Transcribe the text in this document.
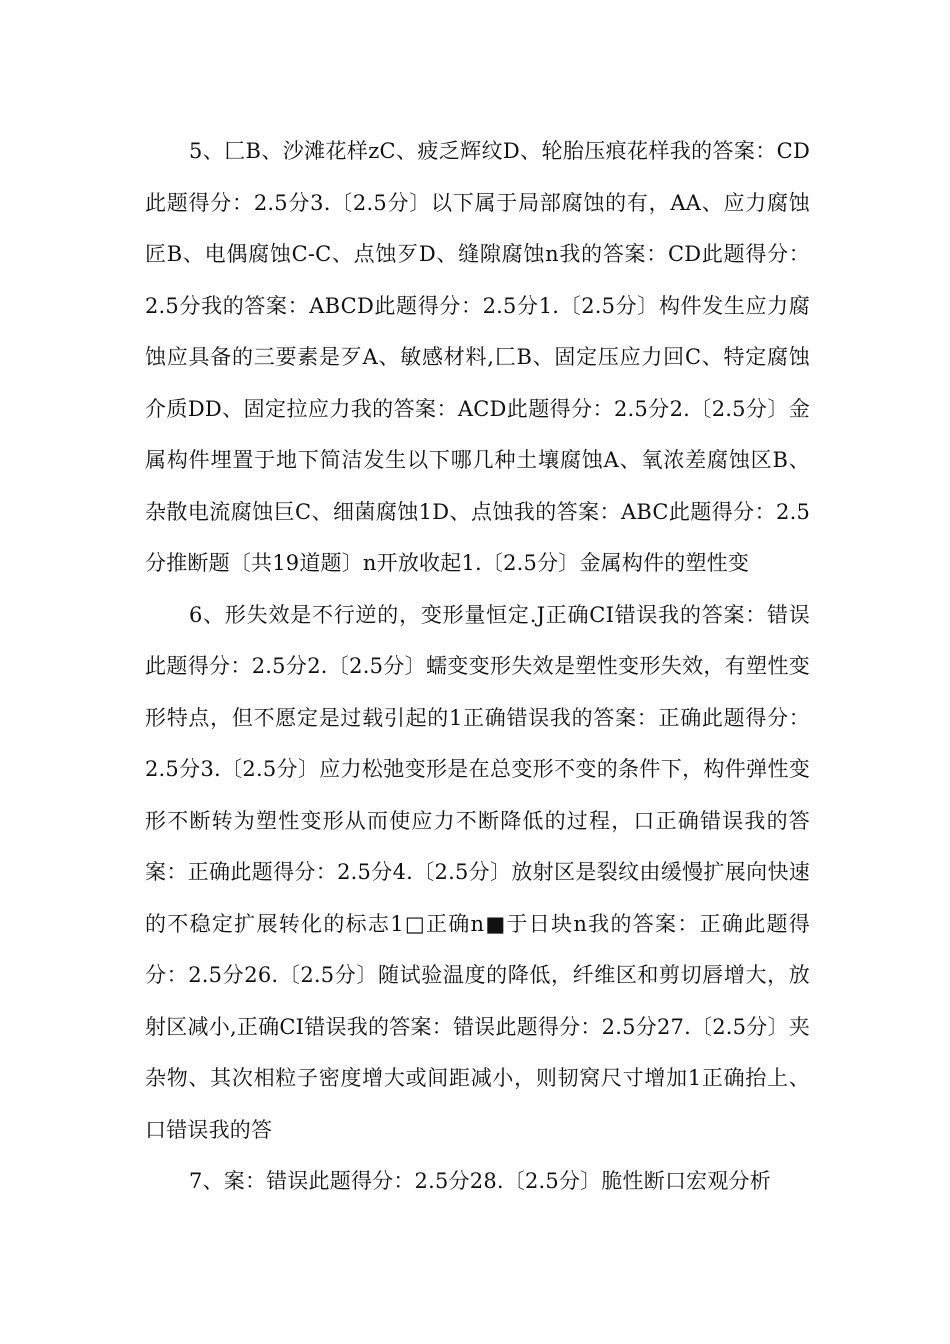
5、匚B、沙滩花样zC、疲乏辉纹D、轮胎压痕花样我的答案：CD此题得分：2.5分3.〔2.5分〕以下属于局部腐蚀的有，AA、应力腐蚀匠B、电偶腐蚀C-C、点蚀歹D、缝隙腐蚀n我的答案：CD此题得分：2.5分我的答案：ABCD此题得分：2.5分1.〔2.5分〕构件发生应力腐蚀应具备的三要素是歹A、敏感材料,匚B、固定压应力回C、特定腐蚀介质DD、固定拉应力我的答案：ACD此题得分：2.5分2.〔2.5分〕金属构件埋置于地下简洁发生以下哪几种土壤腐蚀A、氧浓差腐蚀区B、杂散电流腐蚀巨C、细菌腐蚀1D、点蚀我的答案：ABC此题得分：2.5分推断题〔共19道题〕n开放收起1.〔2.5分〕金属构件的塑性变

6、形失效是不行逆的，变形量恒定.J正确CI错误我的答案：错误此题得分：2.5分2.〔2.5分〕蠕变变形失效是塑性变形失效，有塑性变形特点，但不愿定是过载引起的1正确错误我的答案：正确此题得分：2.5分3.〔2.5分〕应力松弛变形是在总变形不变的条件下，构件弹性变形不断转为塑性变形从而使应力不断降低的过程，口正确错误我的答案：正确此题得分：2.5分4.〔2.5分〕放射区是裂纹由缓慢扩展向快速的不稳定扩展转化的标志1□正确n■于日块n我的答案：正确此题得分：2.5分26.〔2.5分〕随试验温度的降低，纤维区和剪切唇增大，放射区减小,正确CI错误我的答案：错误此题得分：2.5分27.〔2.5分〕夹杂物、其次相粒子密度增大或间距减小，则韧窝尺寸增加1正确抬上、口错误我的答

7、案：错误此题得分：2.5分28.〔2.5分〕脆性断口宏观分析
